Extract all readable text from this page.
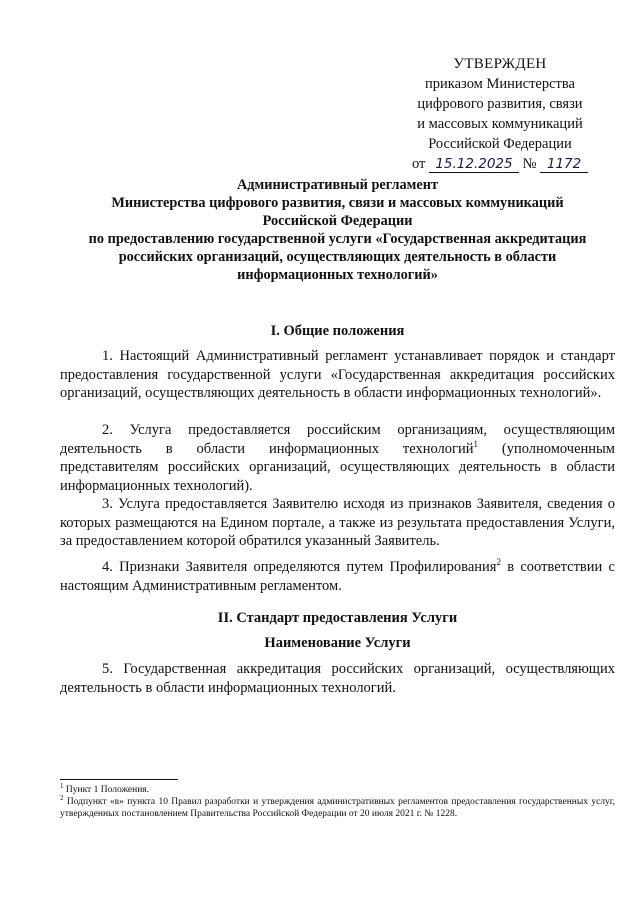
УТВЕРЖДЕН
приказом Министерства
цифрового развития, связи
и массовых коммуникаций
Российской Федерации
от 15.12.2025 № 1172
Административный регламент
Министерства цифрового развития, связи и массовых коммуникаций
Российской Федерации
по предоставлению государственной услуги «Государственная аккредитация
российских организаций, осуществляющих деятельность в области
информационных технологий»
I. Общие положения
1. Настоящий Административный регламент устанавливает порядок и стандарт предоставления государственной услуги «Государственная аккредитация российских организаций, осуществляющих деятельность в области информационных технологий».
2. Услуга предоставляется российским организациям, осуществляющим деятельность в области информационных технологий$^1$ (уполномоченным представителям российских организаций, осуществляющих деятельность в области информационных технологий).
3. Услуга предоставляется Заявителю исходя из признаков Заявителя, сведения о которых размещаются на Едином портале, а также из результата предоставления Услуги, за предоставлением которой обратился указанный Заявитель.
4. Признаки Заявителя определяются путем Профилирования$^2$ в соответствии с настоящим Административным регламентом.
II. Стандарт предоставления Услуги
Наименование Услуги
5. Государственная аккредитация российских организаций, осуществляющих деятельность в области информационных технологий.
$^1$ Пункт 1 Положения.
$^2$ Подпункт «в» пункта 10 Правил разработки и утверждения административных регламентов предоставления государственных услуг, утвержденных постановлением Правительства Российской Федерации от 20 июля 2021 г. № 1228.
